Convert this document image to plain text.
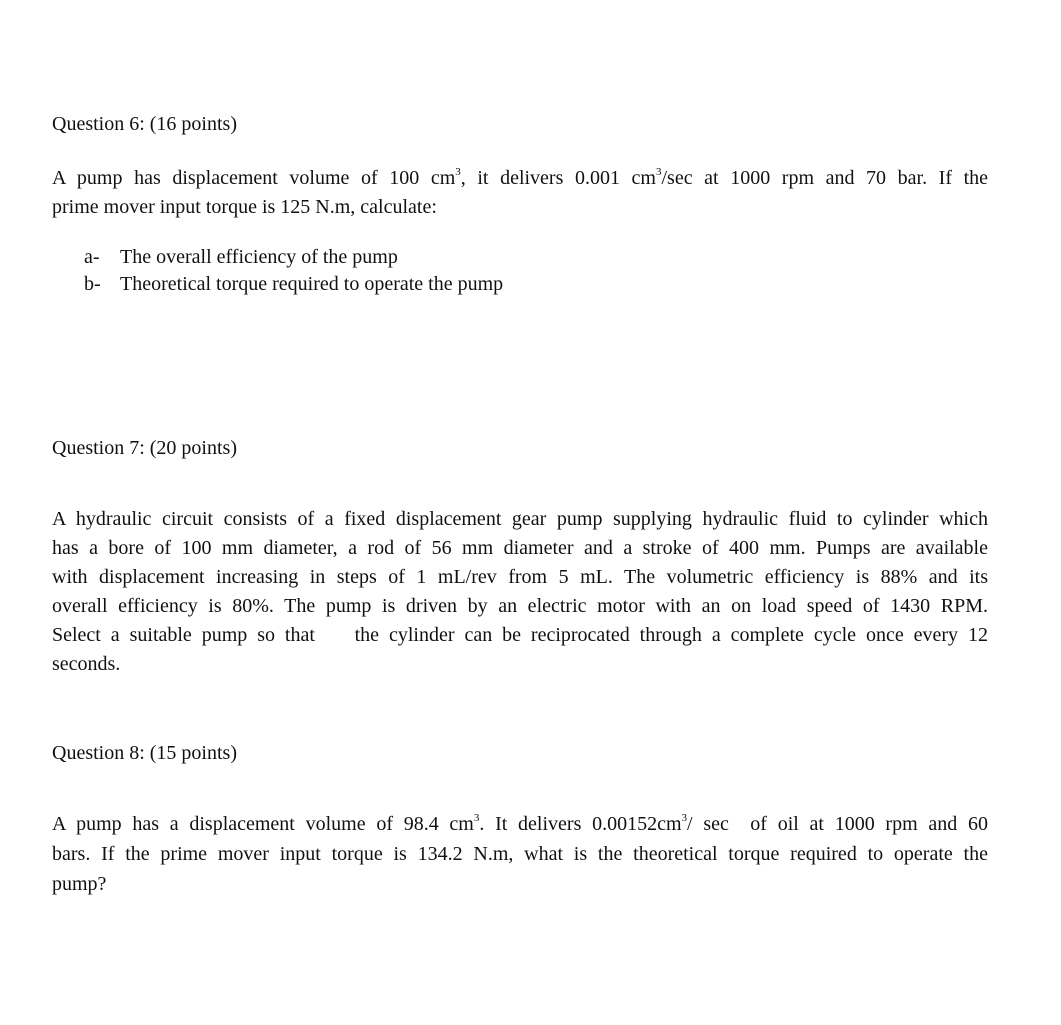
Question 6: (16 points)
A pump has displacement volume of 100 $cm^3$, it delivers 0.001 $cm^3/\sec$ at 1000 rpm and 70 bar. If the
prime mover input torque is 125 N.m, calculate:
a-	The overall efficiency of the pump
b- Theoretical torque required to operate the pump
Question 7: (20 points)
A hydraulic circuit consists of a fixed displacement gear pump supplying hydraulic fluid to cylinder which
has a bore of 100 mm diameter, a rod of 56 mm diameter and a stroke of 400 mm. Pumps are available
with displacement increasing in steps of 1 mL/rev from 5 mL. The volumetric efficiency is 88% and its
overall efficiency is 80%. The pump is driven by an electric motor with an on load speed of 1430 RPM.
Select a suitable pump so that    the cylinder can be reciprocated through a complete cycle once every 12
seconds.
Question 8: (15 points)
A pump has a displacement volume of 98.4 $cm^3$. It delivers $0.00152cm^3/$ sec  of oil at 1000 rpm and 60
bars. If the prime mover input torque is 134.2 N.m, what is the theoretical torque required to operate the
pump?
